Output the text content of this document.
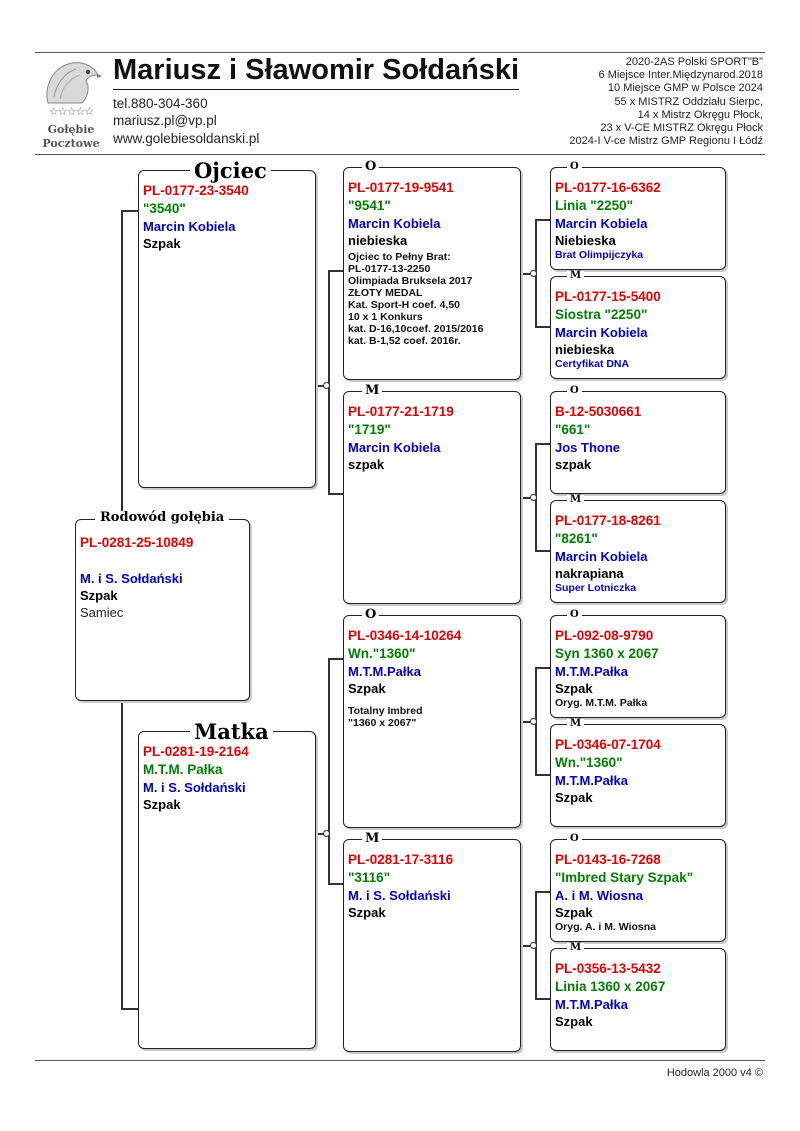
☆☆☆☆☆
Gołębie
Pocztowe
Mariusz i Sławomir Sołdański
tel.880-304-360
mariusz.pl@vp.pl
www.golebiesoldanski.pl
2020-2AS Polski SPORT"B"
6 Miejsce Inter.Międzynarod.2018
10 Miejsce GMP w Polsce 2024
55 x MISTRZ Oddziału Sierpc,
14 x Mistrz Okręgu Płock,
23 x V-CE MISTRZ Okręgu Płock
2024-I V-ce Mistrz GMP Regionu I Łódź
PL-0281-25-10849
M. i S. Sołdański
Szpak
Samiec
Rodowód gołębia
PL-0177-23-3540
"3540"
Marcin Kobiela
Szpak
Ojciec
PL-0281-19-2164
M.T.M. Pałka
M. i S. Sołdański
Szpak
Matka
PL-0177-19-9541
"9541"
Marcin Kobiela
niebieska
Ojciec to Pełny Brat:
PL-0177-13-2250
Olimpiada Bruksela 2017
ZŁOTY MEDAL
Kat. Sport-H coef. 4,50
10 x 1 Konkurs
kat. D-16,10coef. 2015/2016
kat. B-1,52 coef. 2016r.
O
PL-0177-21-1719
"1719"
Marcin Kobiela
szpak
M
PL-0346-14-10264
Wn."1360"
M.T.M.Pałka
Szpak
Totalny Imbred
"1360 x 2067"
O
PL-0281-17-3116
"3116"
M. i S. Sołdański
Szpak
M
PL-0177-16-6362
Linia "2250"
Marcin Kobiela
Niebieska
Brat Olimpijczyka
O
PL-0177-15-5400
Siostra "2250"
Marcin Kobiela
niebieska
Certyfikat DNA
M
B-12-5030661
"661"
Jos Thone
szpak
O
PL-0177-18-8261
"8261"
Marcin Kobiela
nakrapiana
Super Lotniczka
M
PL-092-08-9790
Syn 1360 x 2067
M.T.M.Pałka
Szpak
Oryg. M.T.M. Pałka
O
PL-0346-07-1704
Wn."1360"
M.T.M.Pałka
Szpak
M
PL-0143-16-7268
"Imbred Stary Szpak"
A. i M. Wiosna
Szpak
Oryg. A. i M. Wiosna
O
PL-0356-13-5432
Linia 1360 x 2067
M.T.M.Pałka
Szpak
M
Hodowla 2000 v4 ©
